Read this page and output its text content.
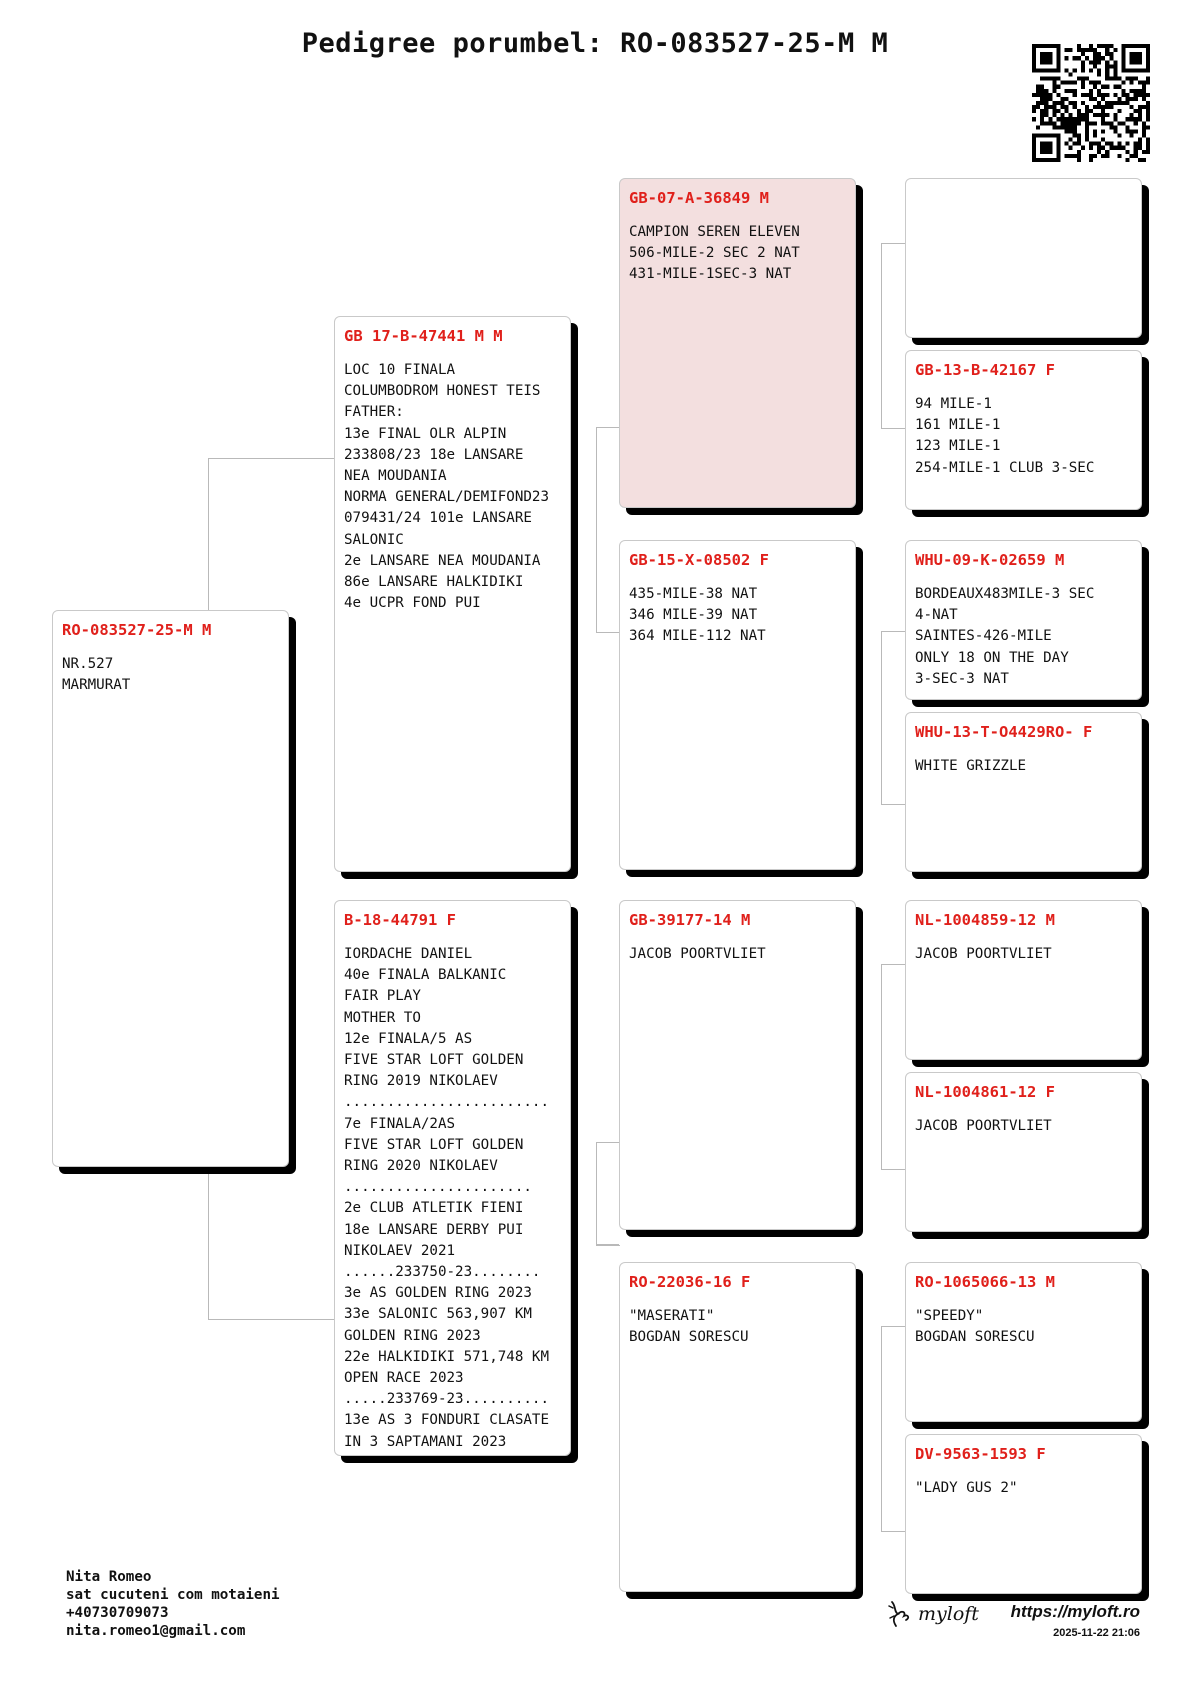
Pedigree porumbel: RO-083527-25-M M
RO-083527-25-M M
NR.527
MARMURAT
GB 17-B-47441 M M
LOC 10 FINALA
COLUMBODROM HONEST TEIS
FATHER:
13e FINAL OLR ALPIN
233808/23 18e LANSARE
NEA MOUDANIA
NORMA GENERAL/DEMIFOND23
079431/24 101e LANSARE
SALONIC
2e LANSARE NEA MOUDANIA
86e LANSARE HALKIDIKI
4e UCPR FOND PUI
B-18-44791 F
IORDACHE DANIEL
40e FINALA BALKANIC
FAIR PLAY
MOTHER TO
12e FINALA/5 AS
FIVE STAR LOFT GOLDEN
RING 2019 NIKOLAEV
........................
7e FINALA/2AS
FIVE STAR LOFT GOLDEN
RING 2020 NIKOLAEV
......................
2e CLUB ATLETIK FIENI
18e LANSARE DERBY PUI
NIKOLAEV 2021
......233750-23........
3e AS GOLDEN RING 2023
33e SALONIC 563,907 KM
GOLDEN RING 2023
22e HALKIDIKI 571,748 KM
OPEN RACE 2023
.....233769-23..........
13e AS 3 FONDURI CLASATE
IN 3 SAPTAMANI 2023
GB-07-A-36849 M
CAMPION SEREN ELEVEN
506-MILE-2 SEC 2 NAT
431-MILE-1SEC-3 NAT
GB-15-X-08502 F
435-MILE-38 NAT
346 MILE-39 NAT
364 MILE-112 NAT
GB-39177-14 M
JACOB POORTVLIET
RO-22036-16 F
"MASERATI"
BOGDAN SORESCU
GB-13-B-42167 F
94 MILE-1
161 MILE-1
123 MILE-1
254-MILE-1 CLUB 3-SEC
WHU-09-K-02659 M
BORDEAUX483MILE-3 SEC
4-NAT
SAINTES-426-MILE
ONLY 18 ON THE DAY
3-SEC-3 NAT
WHU-13-T-O4429RO- F
WHITE GRIZZLE
NL-1004859-12 M
JACOB POORTVLIET
NL-1004861-12 F
JACOB POORTVLIET
RO-1065066-13 M
"SPEEDY"
BOGDAN SORESCU
DV-9563-1593 F
"LADY GUS 2"
Nita Romeo
sat cucuteni com motaieni
+40730709073
nita.romeo1@gmail.com
myloft	https://myloft.ro
2025-11-22 21:06
